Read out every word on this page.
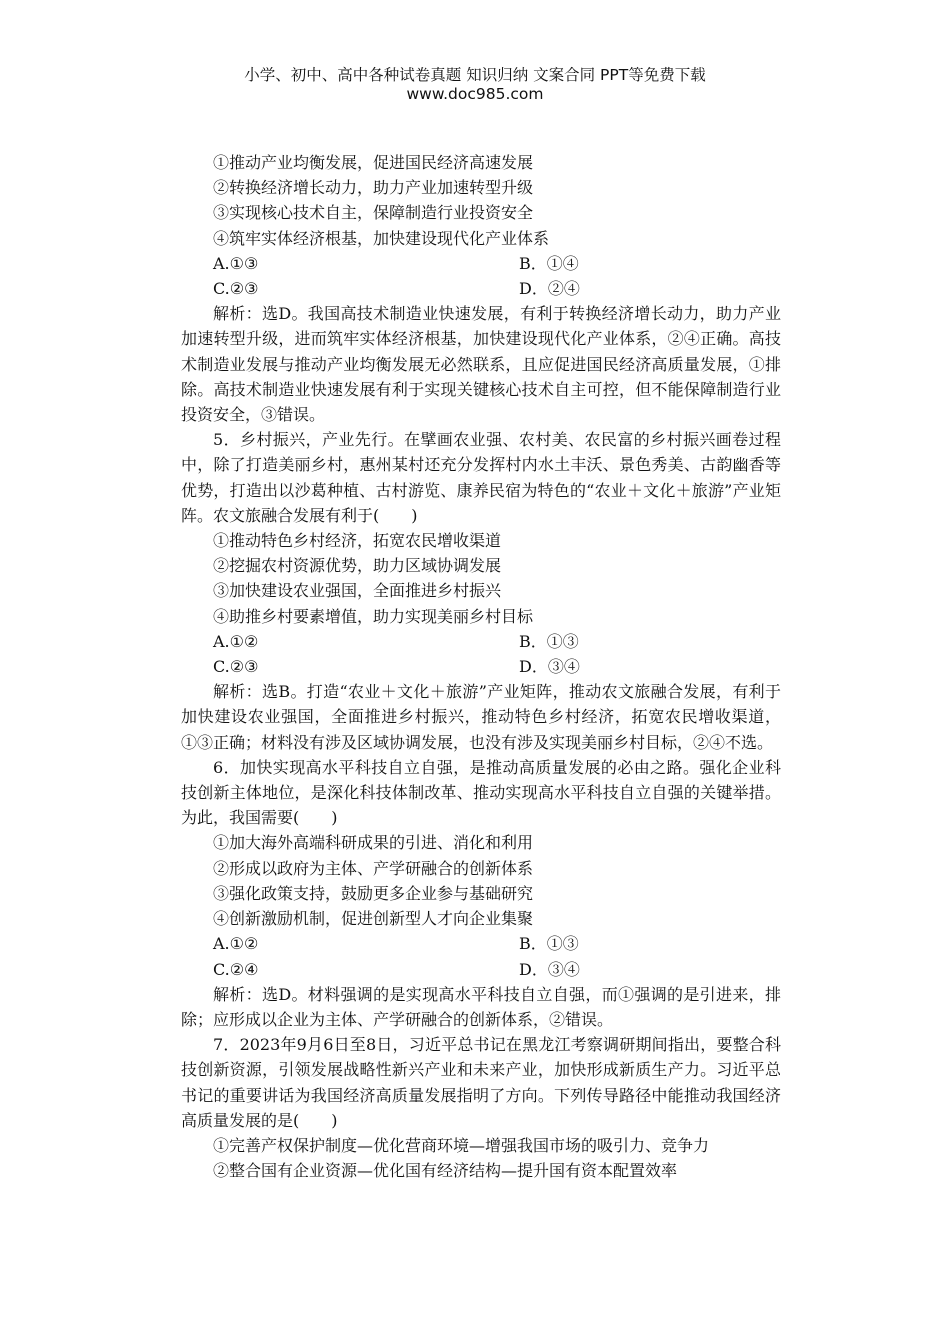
小学、初中、高中各种试卷真题 知识归纳 文案合同 PPT等免费下载
www.doc985.com

①推动产业均衡发展，促进国民经济高速发展

②转换经济增长动力，助力产业加速转型升级

③实现核心技术自主，保障制造行业投资安全

④筑牢实体经济根基，加快建设现代化产业体系

A.①③	B．①④
C.②③	D．②④

解析：选D。我国高技术制造业快速发展，有利于转换经济增长动力，助力产业加速转型升级，进而筑牢实体经济根基，加快建设现代化产业体系，②④正确。高技术制造业发展与推动产业均衡发展无必然联系，且应促进国民经济高质量发展，①排除。高技术制造业快速发展有利于实现关键核心技术自主可控，但不能保障制造行业投资安全，③错误。

5．乡村振兴，产业先行。在擘画农业强、农村美、农民富的乡村振兴画卷过程中，除了打造美丽乡村，惠州某村还充分发挥村内水土丰沃、景色秀美、古韵幽香等优势，打造出以沙葛种植、古村游览、康养民宿为特色的“农业＋文化＋旅游”产业矩阵。农文旅融合发展有利于(　　)

①推动特色乡村经济，拓宽农民增收渠道

②挖掘农村资源优势，助力区域协调发展

③加快建设农业强国，全面推进乡村振兴

④助推乡村要素增值，助力实现美丽乡村目标

A.①②	B．①③
C.②③	D．③④

解析：选B。打造“农业＋文化＋旅游”产业矩阵，推动农文旅融合发展，有利于加快建设农业强国，全面推进乡村振兴，推动特色乡村经济，拓宽农民增收渠道，①③正确；材料没有涉及区域协调发展，也没有涉及实现美丽乡村目标，②④不选。

6．加快实现高水平科技自立自强，是推动高质量发展的必由之路。强化企业科技创新主体地位，是深化科技体制改革、推动实现高水平科技自立自强的关键举措。为此，我国需要(　　)

①加大海外高端科研成果的引进、消化和利用

②形成以政府为主体、产学研融合的创新体系

③强化政策支持，鼓励更多企业参与基础研究

④创新激励机制，促进创新型人才向企业集聚

A.①②	B．①③
C.②④	D．③④

解析：选D。材料强调的是实现高水平科技自立自强，而①强调的是引进来，排除；应形成以企业为主体、产学研融合的创新体系，②错误。

7．2023年9月6日至8日，习近平总书记在黑龙江考察调研期间指出，要整合科技创新资源，引领发展战略性新兴产业和未来产业，加快形成新质生产力。习近平总书记的重要讲话为我国经济高质量发展指明了方向。下列传导路径中能推动我国经济高质量发展的是(　　)

①完善产权保护制度—优化营商环境—增强我国市场的吸引力、竞争力

②整合国有企业资源—优化国有经济结构—提升国有资本配置效率
